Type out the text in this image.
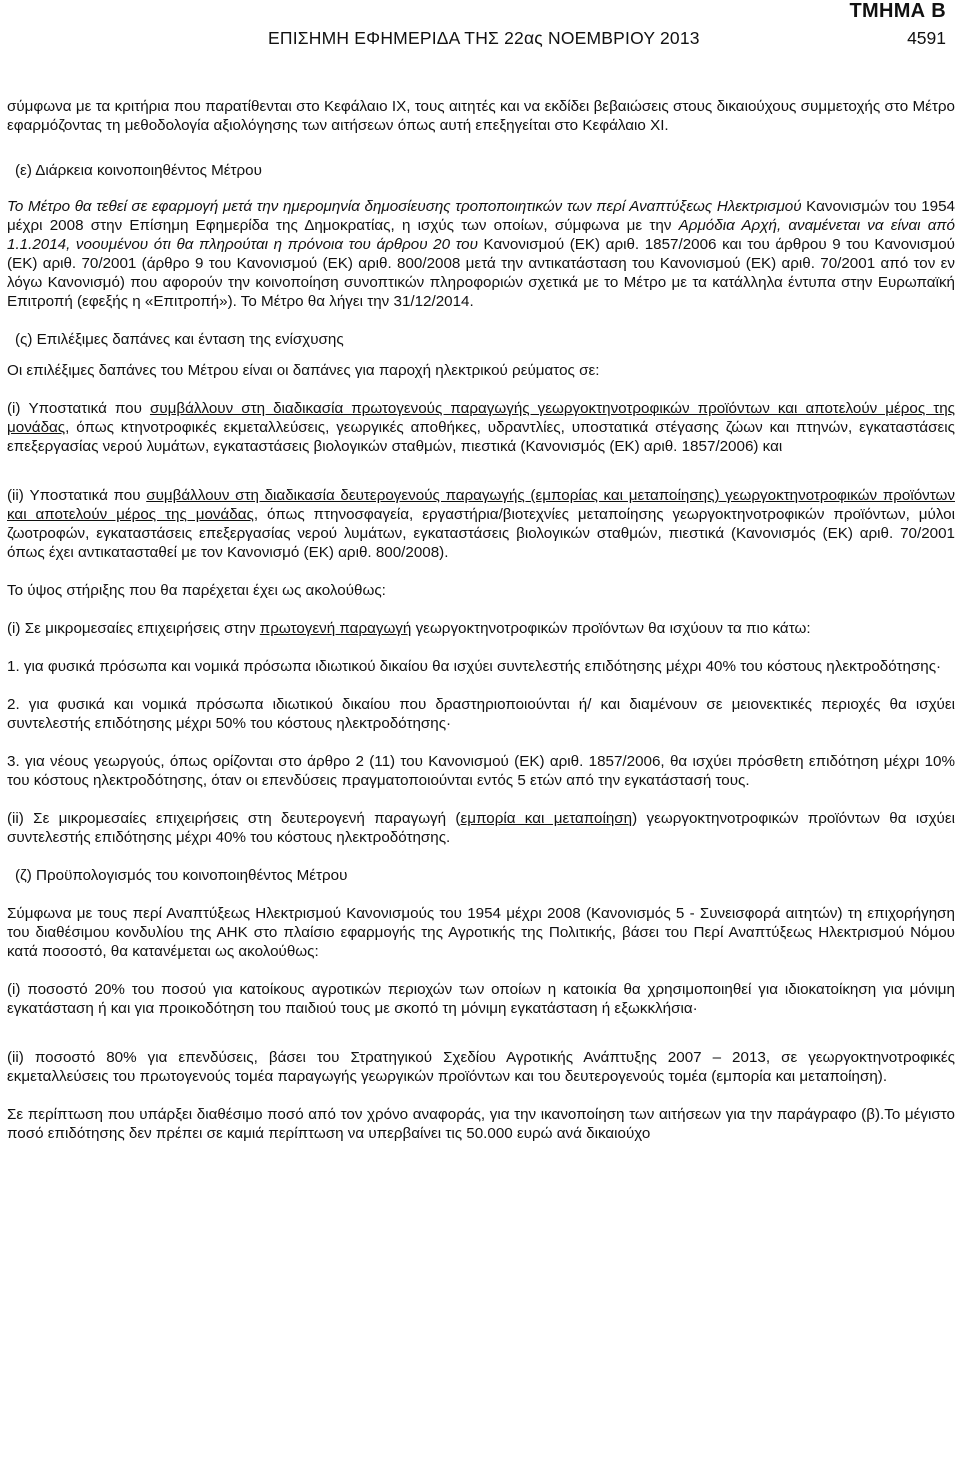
ΤΜΗΜΑ Β
ΕΠΙΣΗΜΗ ΕΦΗΜΕΡΙΔΑ ΤΗΣ 22ας ΝΟΕΜΒΡΙΟΥ 2013	4591

σύμφωνα με τα κριτήρια που παρατίθενται στο Κεφάλαιο ΙΧ, τους αιτητές και να εκδίδει βεβαιώσεις στους δικαιούχους συμμετοχής στο Μέτρο εφαρμόζοντας τη μεθοδολογία αξιολόγησης των αιτήσεων όπως αυτή επεξηγείται στο Κεφάλαιο ΧΙ.

(ε) Διάρκεια κοινοποιηθέντος Μέτρου

Το Μέτρο θα τεθεί σε εφαρμογή μετά την ημερομηνία δημοσίευσης τροποποιητικών των περί Αναπτύξεως Ηλεκτρισμού Κανονισμών του 1954 μέχρι 2008 στην Επίσημη Εφημερίδα της Δημοκρατίας, η ισχύς των οποίων, σύμφωνα με την Αρμόδια Αρχή, αναμένεται να είναι από 1.1.2014, νοουμένου ότι θα πληρούται η πρόνοια του άρθρου 20 του Κανονισμού (ΕΚ) αριθ. 1857/2006 και του άρθρου 9 του Κανονισμού (ΕΚ) αριθ. 70/2001 (άρθρο 9 του Κανονισμού (ΕΚ) αριθ. 800/2008 μετά την αντικατάσταση του Κανονισμού (ΕΚ) αριθ. 70/2001 από τον εν λόγω Κανονισμό) που αφορούν την κοινοποίηση συνοπτικών πληροφοριών σχετικά με το Μέτρο με τα κατάλληλα έντυπα στην Ευρωπαϊκή Επιτροπή (εφεξής η «Επιτροπή»). Το Μέτρο θα λήγει την 31/12/2014.

(ς) Επιλέξιμες δαπάνες και ένταση της ενίσχυσης

Οι επιλέξιμες δαπάνες του Μέτρου είναι οι δαπάνες για παροχή ηλεκτρικού ρεύματος σε:

(i) Υποστατικά που συμβάλλουν στη διαδικασία πρωτογενούς παραγωγής γεωργοκτηνοτροφικών προϊόντων και αποτελούν μέρος της μονάδας, όπως κτηνοτροφικές εκμεταλλεύσεις, γεωργικές αποθήκες, υδραντλίες, υποστατικά στέγασης ζώων και πτηνών, εγκαταστάσεις επεξεργασίας νερού λυμάτων, εγκαταστάσεις βιολογικών σταθμών, πιεστικά (Κανονισμός (ΕΚ) αριθ. 1857/2006) και

(ii) Υποστατικά που συμβάλλουν στη διαδικασία δευτερογενούς παραγωγής (εμπορίας και μεταποίησης) γεωργοκτηνοτροφικών προϊόντων και αποτελούν μέρος της μονάδας, όπως πτηνοσφαγεία, εργαστήρια/βιοτεχνίες μεταποίησης γεωργοκτηνοτροφικών προϊόντων, μύλοι ζωοτροφών, εγκαταστάσεις επεξεργασίας νερού λυμάτων, εγκαταστάσεις βιολογικών σταθμών, πιεστικά (Κανονισμός (ΕΚ) αριθ. 70/2001 όπως έχει αντικατασταθεί με τον Κανονισμό (ΕΚ) αριθ. 800/2008).

Το ύψος στήριξης που θα παρέχεται έχει ως ακολούθως:

(i) Σε μικρομεσαίες επιχειρήσεις στην πρωτογενή παραγωγή γεωργοκτηνοτροφικών προϊόντων θα ισχύουν τα πιο κάτω:

1. για φυσικά πρόσωπα και νομικά πρόσωπα ιδιωτικού δικαίου θα ισχύει συντελεστής επιδότησης μέχρι 40% του κόστους ηλεκτροδότησης·

2. για φυσικά και νομικά πρόσωπα ιδιωτικού δικαίου που δραστηριοποιούνται ή/ και διαμένουν σε μειονεκτικές περιοχές θα ισχύει συντελεστής επιδότησης μέχρι 50% του κόστους ηλεκτροδότησης·

3. για νέους γεωργούς, όπως ορίζονται στο άρθρο 2 (11) του Κανονισμού (ΕΚ) αριθ. 1857/2006, θα ισχύει πρόσθετη επιδότηση μέχρι 10% του κόστους ηλεκτροδότησης, όταν οι επενδύσεις πραγματοποιούνται εντός 5 ετών από την εγκατάστασή τους.

(ii) Σε μικρομεσαίες επιχειρήσεις στη δευτερογενή παραγωγή (εμπορία και μεταποίηση) γεωργοκτηνοτροφικών προϊόντων θα ισχύει συντελεστής επιδότησης μέχρι 40% του κόστους ηλεκτροδότησης.

(ζ) Προϋπολογισμός του κοινοποιηθέντος Μέτρου

Σύμφωνα με τους περί Αναπτύξεως Ηλεκτρισμού Κανονισμούς του 1954 μέχρι 2008 (Κανονισμός 5 - Συνεισφορά αιτητών) τη επιχορήγηση του διαθέσιμου κονδυλίου της ΑΗΚ στο πλαίσιο εφαρμογής της Αγροτικής της Πολιτικής, βάσει του Περί Αναπτύξεως Ηλεκτρισμού Νόμου κατά ποσοστό, θα κατανέμεται ως ακολούθως:

(i) ποσοστό 20% του ποσού για κατοίκους αγροτικών περιοχών των οποίων η κατοικία θα χρησιμοποιηθεί για ιδιοκατοίκηση για μόνιμη εγκατάσταση ή και για προικοδότηση του παιδιού τους με σκοπό τη μόνιμη εγκατάσταση ή εξωκκλήσια·

(ii) ποσοστό 80% για επενδύσεις, βάσει του Στρατηγικού Σχεδίου Αγροτικής Ανάπτυξης 2007 – 2013, σε γεωργοκτηνοτροφικές εκμεταλλεύσεις του πρωτογενούς τομέα παραγωγής γεωργικών προϊόντων και του δευτερογενούς τομέα (εμπορία και μεταποίηση).

Σε περίπτωση που υπάρξει διαθέσιμο ποσό από τον χρόνο αναφοράς, για την ικανοποίηση των αιτήσεων για την παράγραφο (β).Το μέγιστο ποσό επιδότησης δεν πρέπει σε καμιά περίπτωση να υπερβαίνει τις 50.000 ευρώ ανά δικαιούχο
